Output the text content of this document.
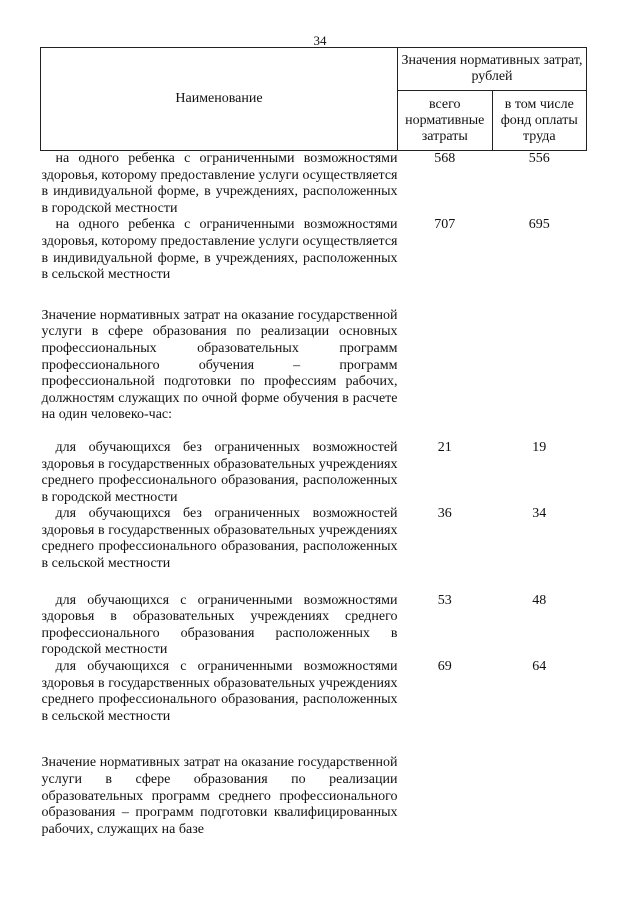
34
Наименование	Значения нормативных затрат, рублей	
	всего нормативные затраты	в том числе фонд оплаты труда
на одного ребенка с ограниченными возможностями здоровья, которому предоставление услуги осуществляется в индивидуальной форме, в учреждениях, расположенных в городской местности	568	556
на одного ребенка с ограниченными возможностями здоровья, которому предоставление услуги осуществляется в индивидуальной форме, в учреждениях, расположенных в сельской местности	707	695

Значение нормативных затрат на оказание государственной услуги в сфере образования по реализации основных профессиональных образовательных программ профессионального обучения – программ профессиональной подготовки по профессиям рабочих, должностям служащих по очной форме обучения в расчете на один человеко-час:		

для обучающихся без ограниченных возможностей здоровья в государственных образовательных учреждениях среднего профессионального образования, расположенных в городской местности	21	19
для обучающихся без ограниченных возможностей здоровья в государственных образовательных учреждениях среднего профессионального образования, расположенных в сельской местности	36	34

для обучающихся с ограниченными возможностями здоровья в образовательных учреждениях среднего профессионального образования расположенных в городской местности	53	48
для обучающихся с ограниченными возможностями здоровья в государственных образовательных учреждениях среднего профессионального образования, расположенных в сельской местности	69	64

Значение нормативных затрат на оказание государственной услуги в сфере образования по реализации образовательных программ среднего профессионального образования – программ подготовки квалифицированных рабочих, служащих на базе		
